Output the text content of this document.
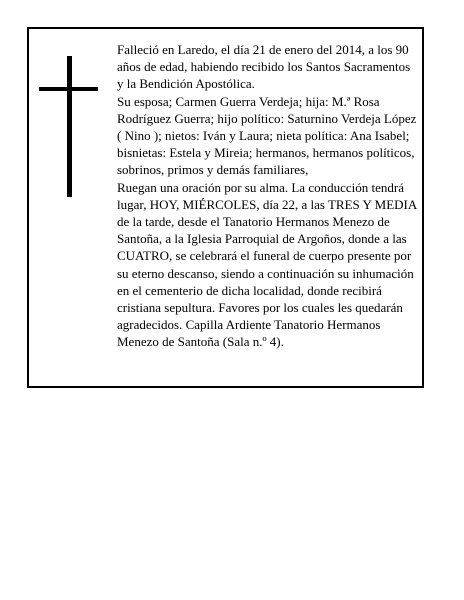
Falleció en Laredo, el día 21 de enero del 2014, a los 90 años de edad, habiendo recibido los Santos Sacramentos y la Bendición Apostólica.

Su esposa; Carmen Guerra Verdeja; hija: M.ª Rosa Rodríguez Guerra; hijo político: Saturnino Verdeja López ( Nino ); nietos: Iván y Laura; nieta política: Ana Isabel; bisnietas: Estela y Mireia; hermanos, hermanos políticos, sobrinos, primos y demás familiares,

Ruegan una oración por su alma. La conducción tendrá lugar, HOY, MIÉRCOLES, día 22, a las TRES Y MEDIA de la tarde, desde el Tanatorio Hermanos Menezo de Santoña, a la Iglesia Parroquial de Argoños, donde a las CUATRO, se celebrará el funeral de cuerpo presente por su eterno descanso, siendo a continuación su inhumación en el cementerio de dicha localidad, donde recibirá cristiana sepultura. Favores por los cuales les quedarán agradecidos. Capilla Ardiente Tanatorio Hermanos Menezo de Santoña (Sala n.º 4).
